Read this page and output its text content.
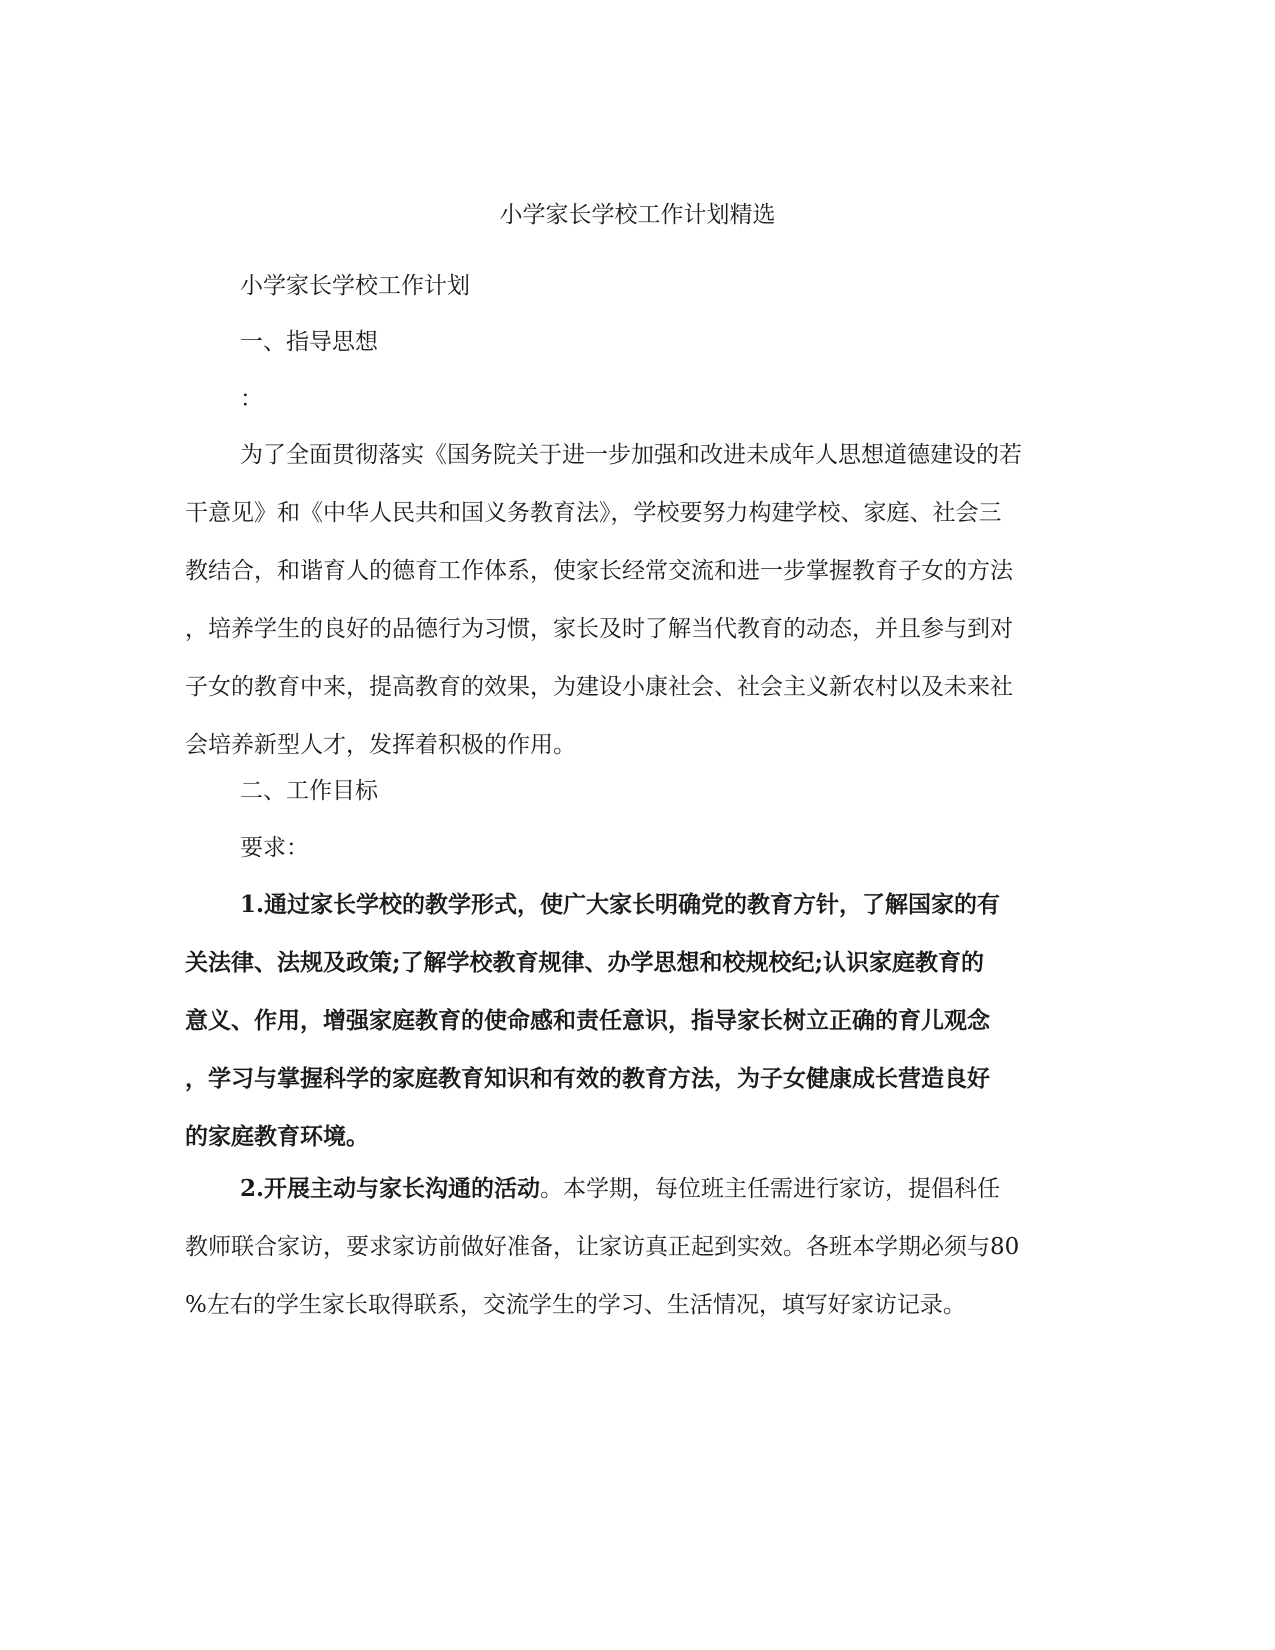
小学家长学校工作计划精选
小学家长学校工作计划
一、指导思想
：
为了全面贯彻落实《国务院关于进一步加强和改进未成年人思想道德建设的若
干意见》和《中华人民共和国义务教育法》，学校要努力构建学校、家庭、社会三
教结合，和谐育人的德育工作体系，使家长经常交流和进一步掌握教育子女的方法
，培养学生的良好的品德行为习惯，家长及时了解当代教育的动态，并且参与到对
子女的教育中来，提高教育的效果，为建设小康社会、社会主义新农村以及未来社
会培养新型人才，发挥着积极的作用。
二、工作目标
要求：
1.通过家长学校的教学形式，使广大家长明确党的教育方针，了解国家的有
关法律、法规及政策;了解学校教育规律、办学思想和校规校纪;认识家庭教育的
意义、作用，增强家庭教育的使命感和责任意识，指导家长树立正确的育儿观念
，学习与掌握科学的家庭教育知识和有效的教育方法，为子女健康成长营造良好
的家庭教育环境。
2.开展主动与家长沟通的活动。本学期，每位班主任需进行家访，提倡科任
教师联合家访，要求家访前做好准备，让家访真正起到实效。各班本学期必须与80
%左右的学生家长取得联系，交流学生的学习、生活情况，填写好家访记录。
